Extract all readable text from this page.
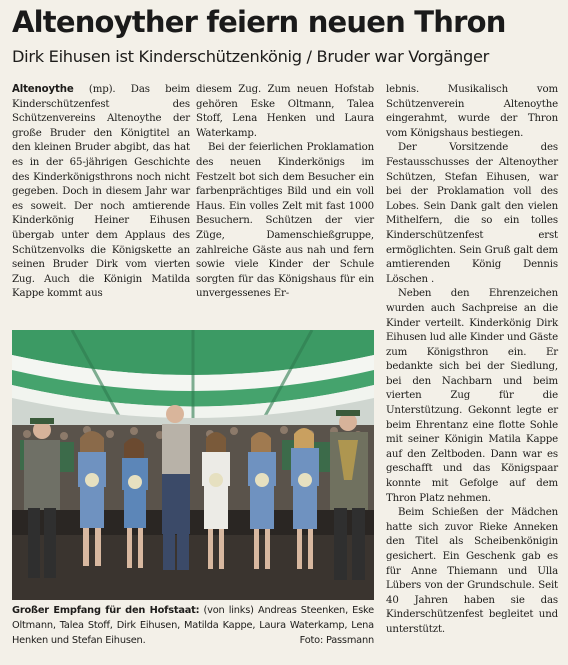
Altenoyther feiern neuen Thron
Dirk Eihusen ist Kinderschützenkönig / Bruder war Vorgänger

Altenoythe (mp). Das beim Kinderschützenfest des Schützenvereins Altenoythe der große Bruder den Königtitel an den kleinen Bruder abgibt, das hat es in der 65-jährigen Geschichte des Kinderkönigsthrons noch nicht gegeben. Doch in diesem Jahr war es soweit. Der noch amtierende Kinderkönig Heiner Eihusen übergab unter dem Applaus des Schützenvolks die Königskette an seinen Bruder Dirk vom vierten Zug. Auch die Königin Matilda Kappe kommt aus

diesem Zug. Zum neuen Hofstab gehören Eske Oltmann, Talea Stoff, Lena Henken und Laura Waterkamp.

Bei der feierlichen Proklamation des neuen Kinderkönigs im Festzelt bot sich dem Besucher ein farbenprächtiges Bild und ein voll Haus. Ein volles Zelt mit fast 1000 Besuchern. Schützen der vier Züge, Damenschießgruppe, zahlreiche Gäste aus nah und fern sowie viele Kinder der Schule sorgten für das Königshaus für ein unvergessenes Er-

lebnis. Musikalisch vom Schützenverein Altenoythe eingerahmt, wurde der Thron vom Königshaus bestiegen.

Der Vorsitzende des Festausschusses der Altenoyther Schützen, Stefan Eihusen, war bei der Proklamation voll des Lobes. Sein Dank galt den vielen Mithelfern, die so ein tolles Kinderschützenfest erst ermöglichten. Sein Gruß galt dem amtierenden König Dennis Löschen .

Neben den Ehrenzeichen wurden auch Sachpreise an die Kinder verteilt. Kinderkönig Dirk Eihusen lud alle Kinder und Gäste zum Königsthron ein. Er bedankte sich bei der Siedlung, bei den Nachbarn und beim vierten Zug für die Unterstützung. Gekonnt legte er beim Ehrentanz eine flotte Sohle mit seiner Königin Matila Kappe auf den Zeltboden. Dann war es geschafft und das Königspaar konnte mit Gefolge auf dem Thron Platz nehmen.

Beim Schießen der Mädchen hatte sich zuvor Rieke Anneken den Titel als Scheibenkönigin gesichert. Ein Geschenk gab es für Anne Thiemann und Ulla Lübers von der Grundschule. Seit 40 Jahren haben sie das Kinderschützenfest begleitet und unterstützt.

Großer Empfang für den Hofstaat: (von links) Andreas Steenken, Eske Oltmann, Talea Stoff, Dirk Eihusen, Matilda Kappe, Laura Waterkamp, Lena Henken und Stefan Eihusen.	Foto: Passmann
